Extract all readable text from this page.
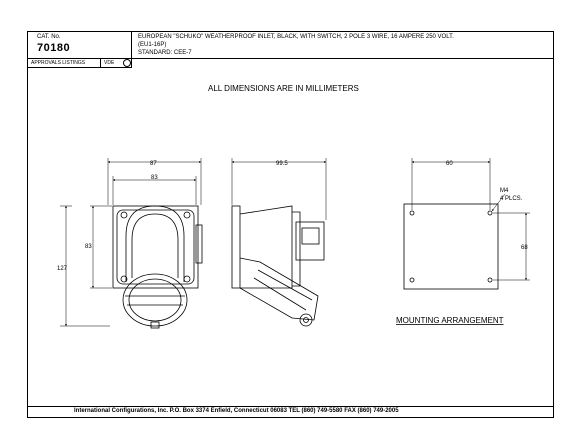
CAT. No.
70180
EUROPEAN "SCHUKO" WEATHERPROOF INLET, BLACK, WITH SWITCH, 2 POLE 3 WIRE, 16 AMPERE 250 VOLT.
(EU1-16P)
STANDARD: CEE-7
APPROVALS LISTINGS	VDE
ALL DIMENSIONS ARE IN MILLIMETERS
International Configurations, Inc. P.O. Box 3374 Enfield, Connecticut 06083 TEL (860) 749-5580 FAX (860) 749-2005
87
83
83
127
99.5	60
68
M4
4 PLCS.
MOUNTING ARRANGEMENT
